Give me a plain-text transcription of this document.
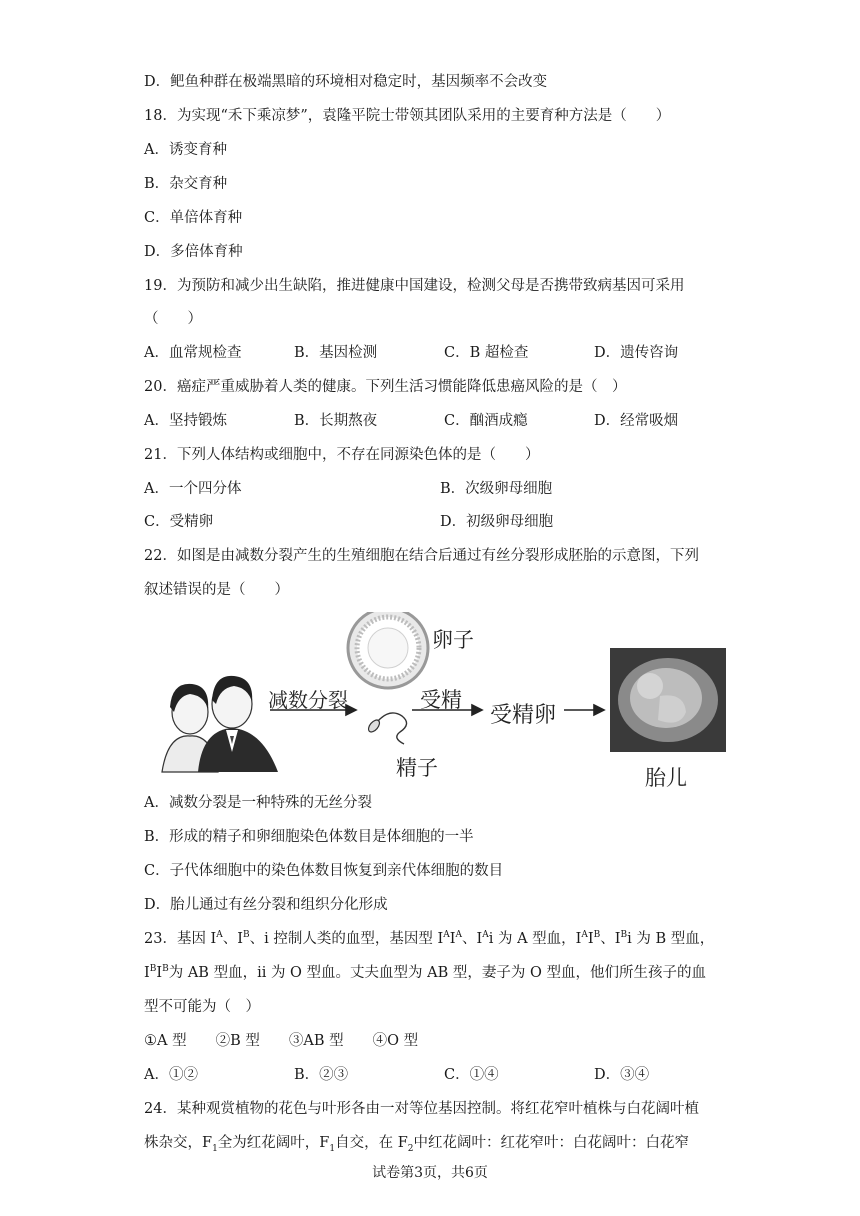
D．鲃鱼种群在极端黑暗的环境相对稳定时，基因频率不会改变
18．为实现“禾下乘凉梦”，袁隆平院士带领其团队采用的主要育种方法是（　　）
A．诱变育种
B．杂交育种
C．单倍体育种
D．多倍体育种
19．为预防和减少出生缺陷，推进健康中国建设，检测父母是否携带致病基因可采用
（　　）
A．血常规检查	B．基因检测	C．B 超检查	D．遗传咨询
20．癌症严重威胁着人类的健康。下列生活习惯能降低患癌风险的是（　）
A．坚持锻炼	B．长期熬夜	C．酗酒成瘾	D．经常吸烟
21．下列人体结构或细胞中，不存在同源染色体的是（　　）
A．一个四分体	B．次级卵母细胞
C．受精卵	D．初级卵母细胞
22．如图是由减数分裂产生的生殖细胞在结合后通过有丝分裂形成胚胎的示意图，下列
叙述错误的是（　　）
减数分裂
卵子
受精
受精卵
精子	胎儿
A．减数分裂是一种特殊的无丝分裂
B．形成的精子和卵细胞染色体数目是体细胞的一半
C．子代体细胞中的染色体数目恢复到亲代体细胞的数目
D．胎儿通过有丝分裂和组织分化形成
23．基因 $I^A$、$I^B$、i 控制人类的血型，基因型 $I^AI^A$、$I^Ai$ 为 A 型血，$I^AI^B$、$I^Bi$ 为 B 型血，
$I^BI^B$为 AB 型血，ii 为 O 型血。丈夫血型为 AB 型，妻子为 O 型血，他们所生孩子的血
型不可能为（　）
①A 型　　②B 型　　③AB 型　　④O 型
A．①②	B．②③	C．①④	D．③④
24．某种观赏植物的花色与叶形各由一对等位基因控制。将红花窄叶植株与白花阔叶植
株杂交，$F_1$全为红花阔叶，$F_1$自交，在 $F_2$中红花阔叶：红花窄叶：白花阔叶：白花窄
试卷第3页，共6页
